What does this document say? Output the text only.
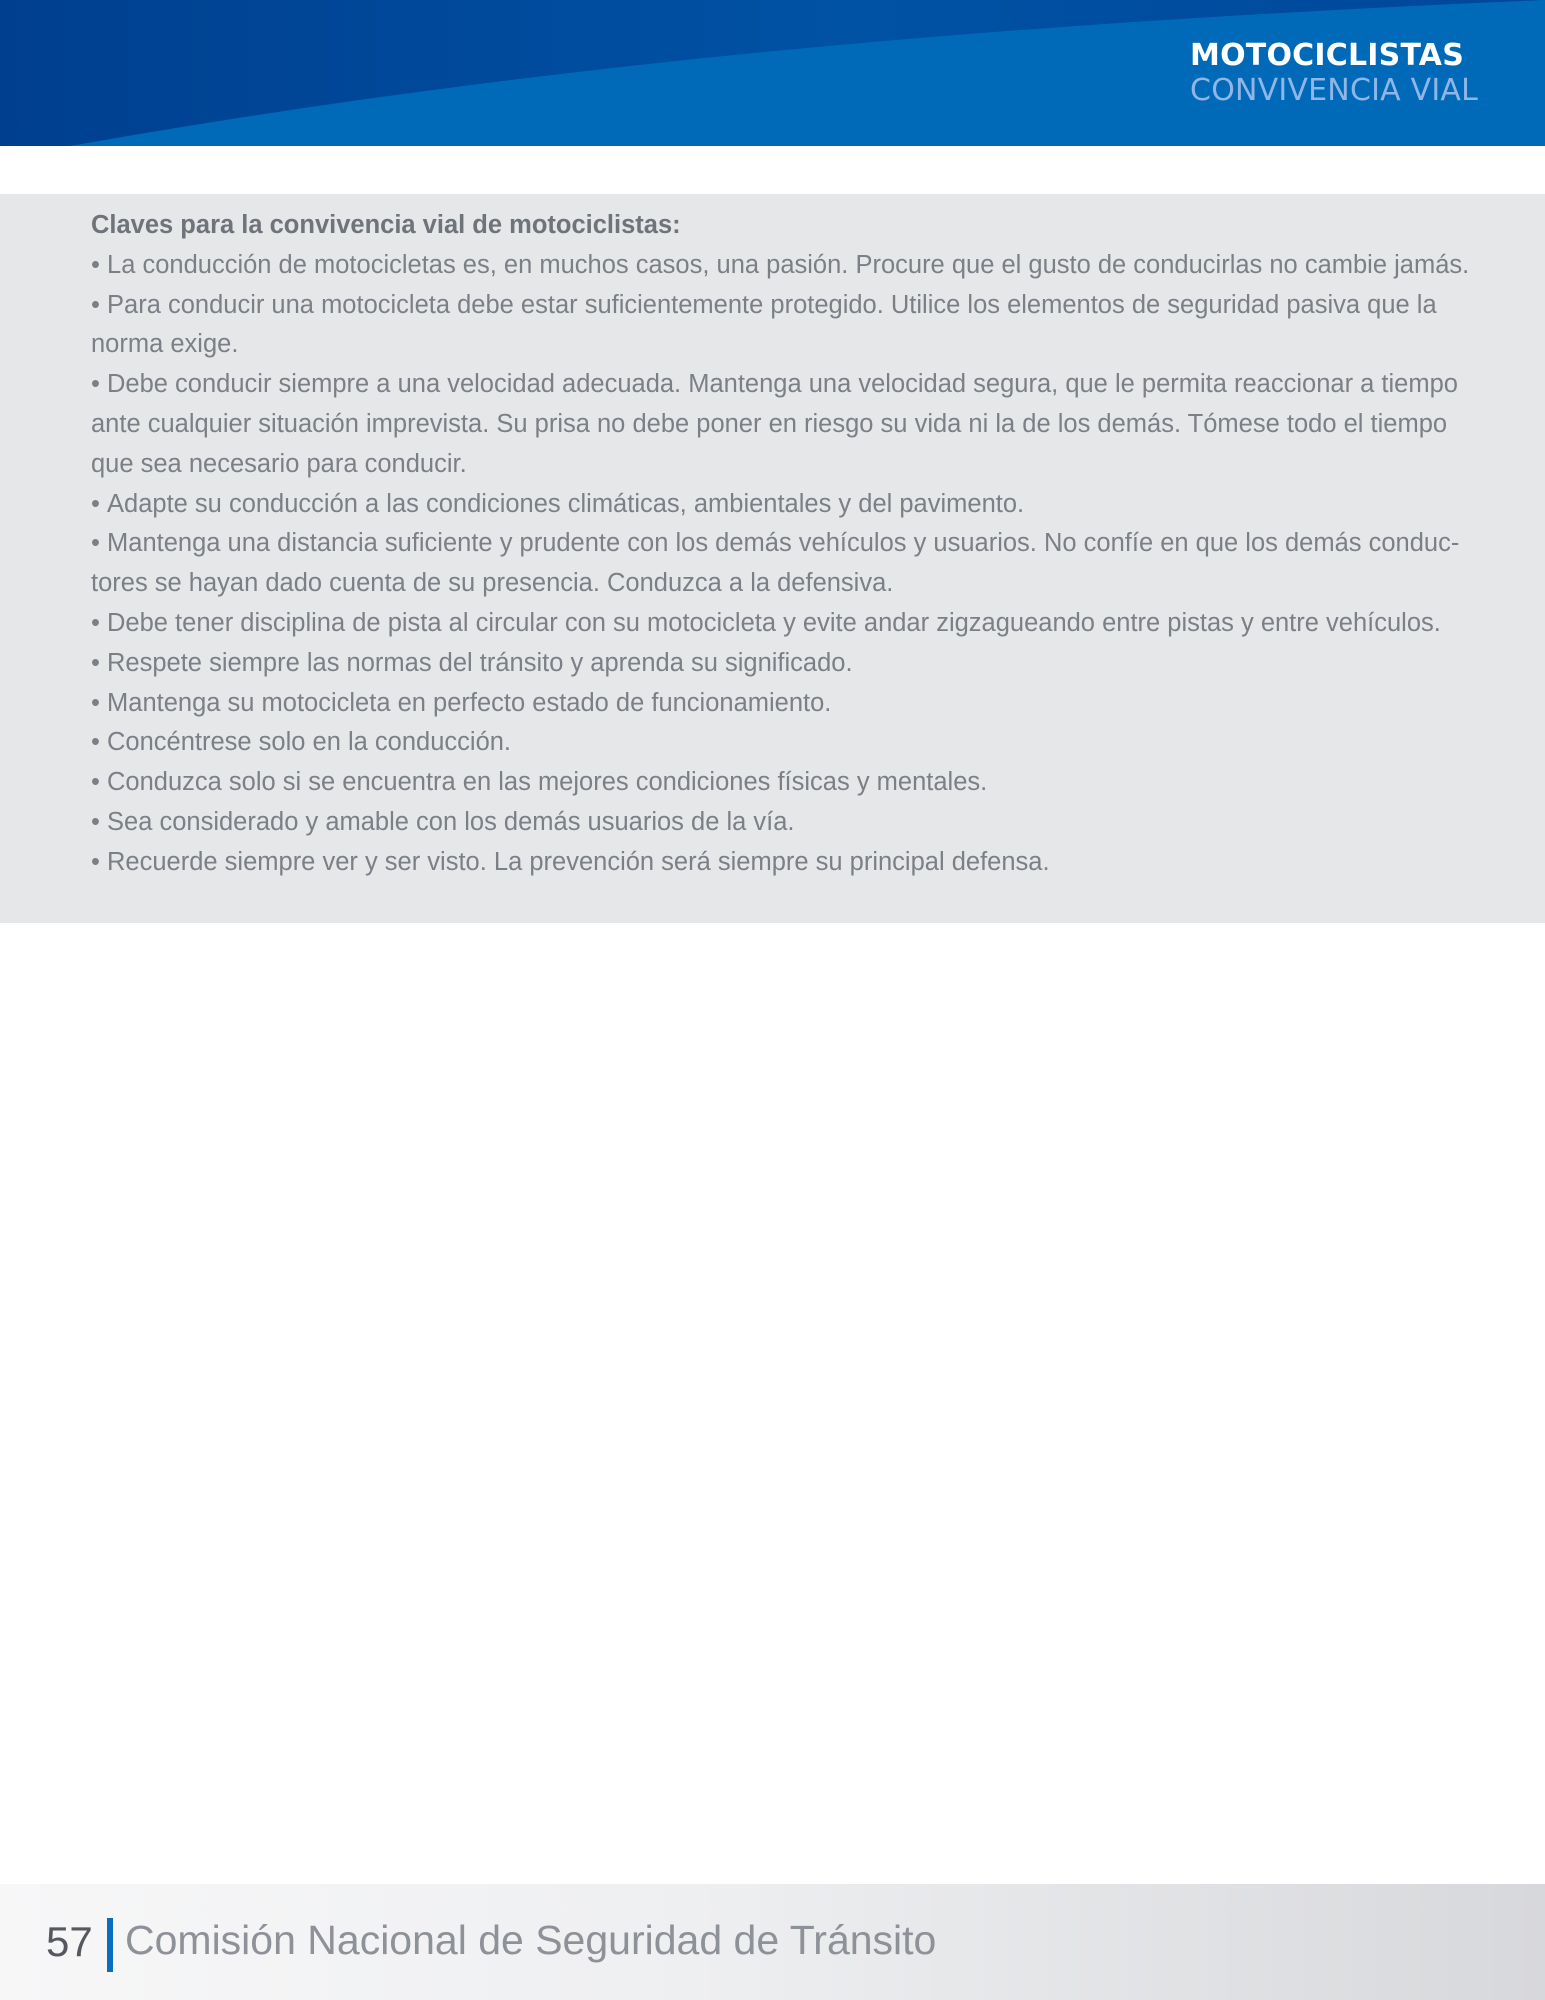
MOTOCICLISTAS
CONVIVENCIA VIAL

Claves para la convivencia vial de motociclistas:

• La conducción de motocicletas es, en muchos casos, una pasión. Procure que el gusto de conducirlas no cambie jamás.
• Para conducir una motocicleta debe estar suficientemente protegido. Utilice los elementos de seguridad pasiva que la norma exige.
• Debe conducir siempre a una velocidad adecuada. Mantenga una velocidad segura, que le permita reaccionar a tiempo ante cualquier situación imprevista. Su prisa no debe poner en riesgo su vida ni la de los demás. Tómese todo el tiempo que sea necesario para conducir.
• Adapte su conducción a las condiciones climáticas, ambientales y del pavimento.
• Mantenga una distancia suficiente y prudente con los demás vehículos y usuarios. No confíe en que los demás conduc-tores se hayan dado cuenta de su presencia. Conduzca a la defensiva.
• Debe tener disciplina de pista al circular con su motocicleta y evite andar zigzagueando entre pistas y entre vehículos.
• Respete siempre las normas del tránsito y aprenda su significado.
• Mantenga su motocicleta en perfecto estado de funcionamiento.
• Concéntrese solo en la conducción.
• Conduzca solo si se encuentra en las mejores condiciones físicas y mentales.
• Sea considerado y amable con los demás usuarios de la vía.
• Recuerde siempre ver y ser visto. La prevención será siempre su principal defensa.
57 Comisión Nacional de Seguridad de Tránsito
